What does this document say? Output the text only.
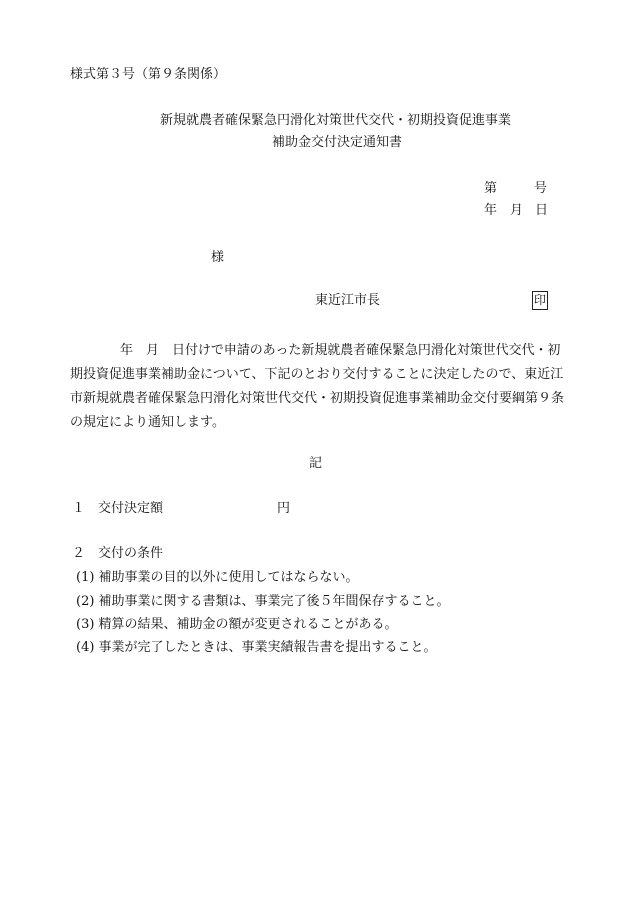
様式第３号（第９条関係）
新規就農者確保緊急円滑化対策世代交代・初期投資促進事業
補助金交付決定通知書
第	号
年 月 日
様
東近江市長	印
年 月 日付けで申請のあった新規就農者確保緊急円滑化対策世代交代・初
期投資促進事業補助金について、下記のとおり交付することに決定したので、東近江
市新規就農者確保緊急円滑化対策世代交代・初期投資促進事業補助金交付要綱第９条
の規定により通知します。
記
１　交付決定額	円
２　交付の条件
(1) 補助事業の目的以外に使用してはならない。
(2) 補助事業に関する書類は、事業完了後５年間保存すること。
(3) 精算の結果、補助金の額が変更されることがある。
(4) 事業が完了したときは、事業実績報告書を提出すること。
